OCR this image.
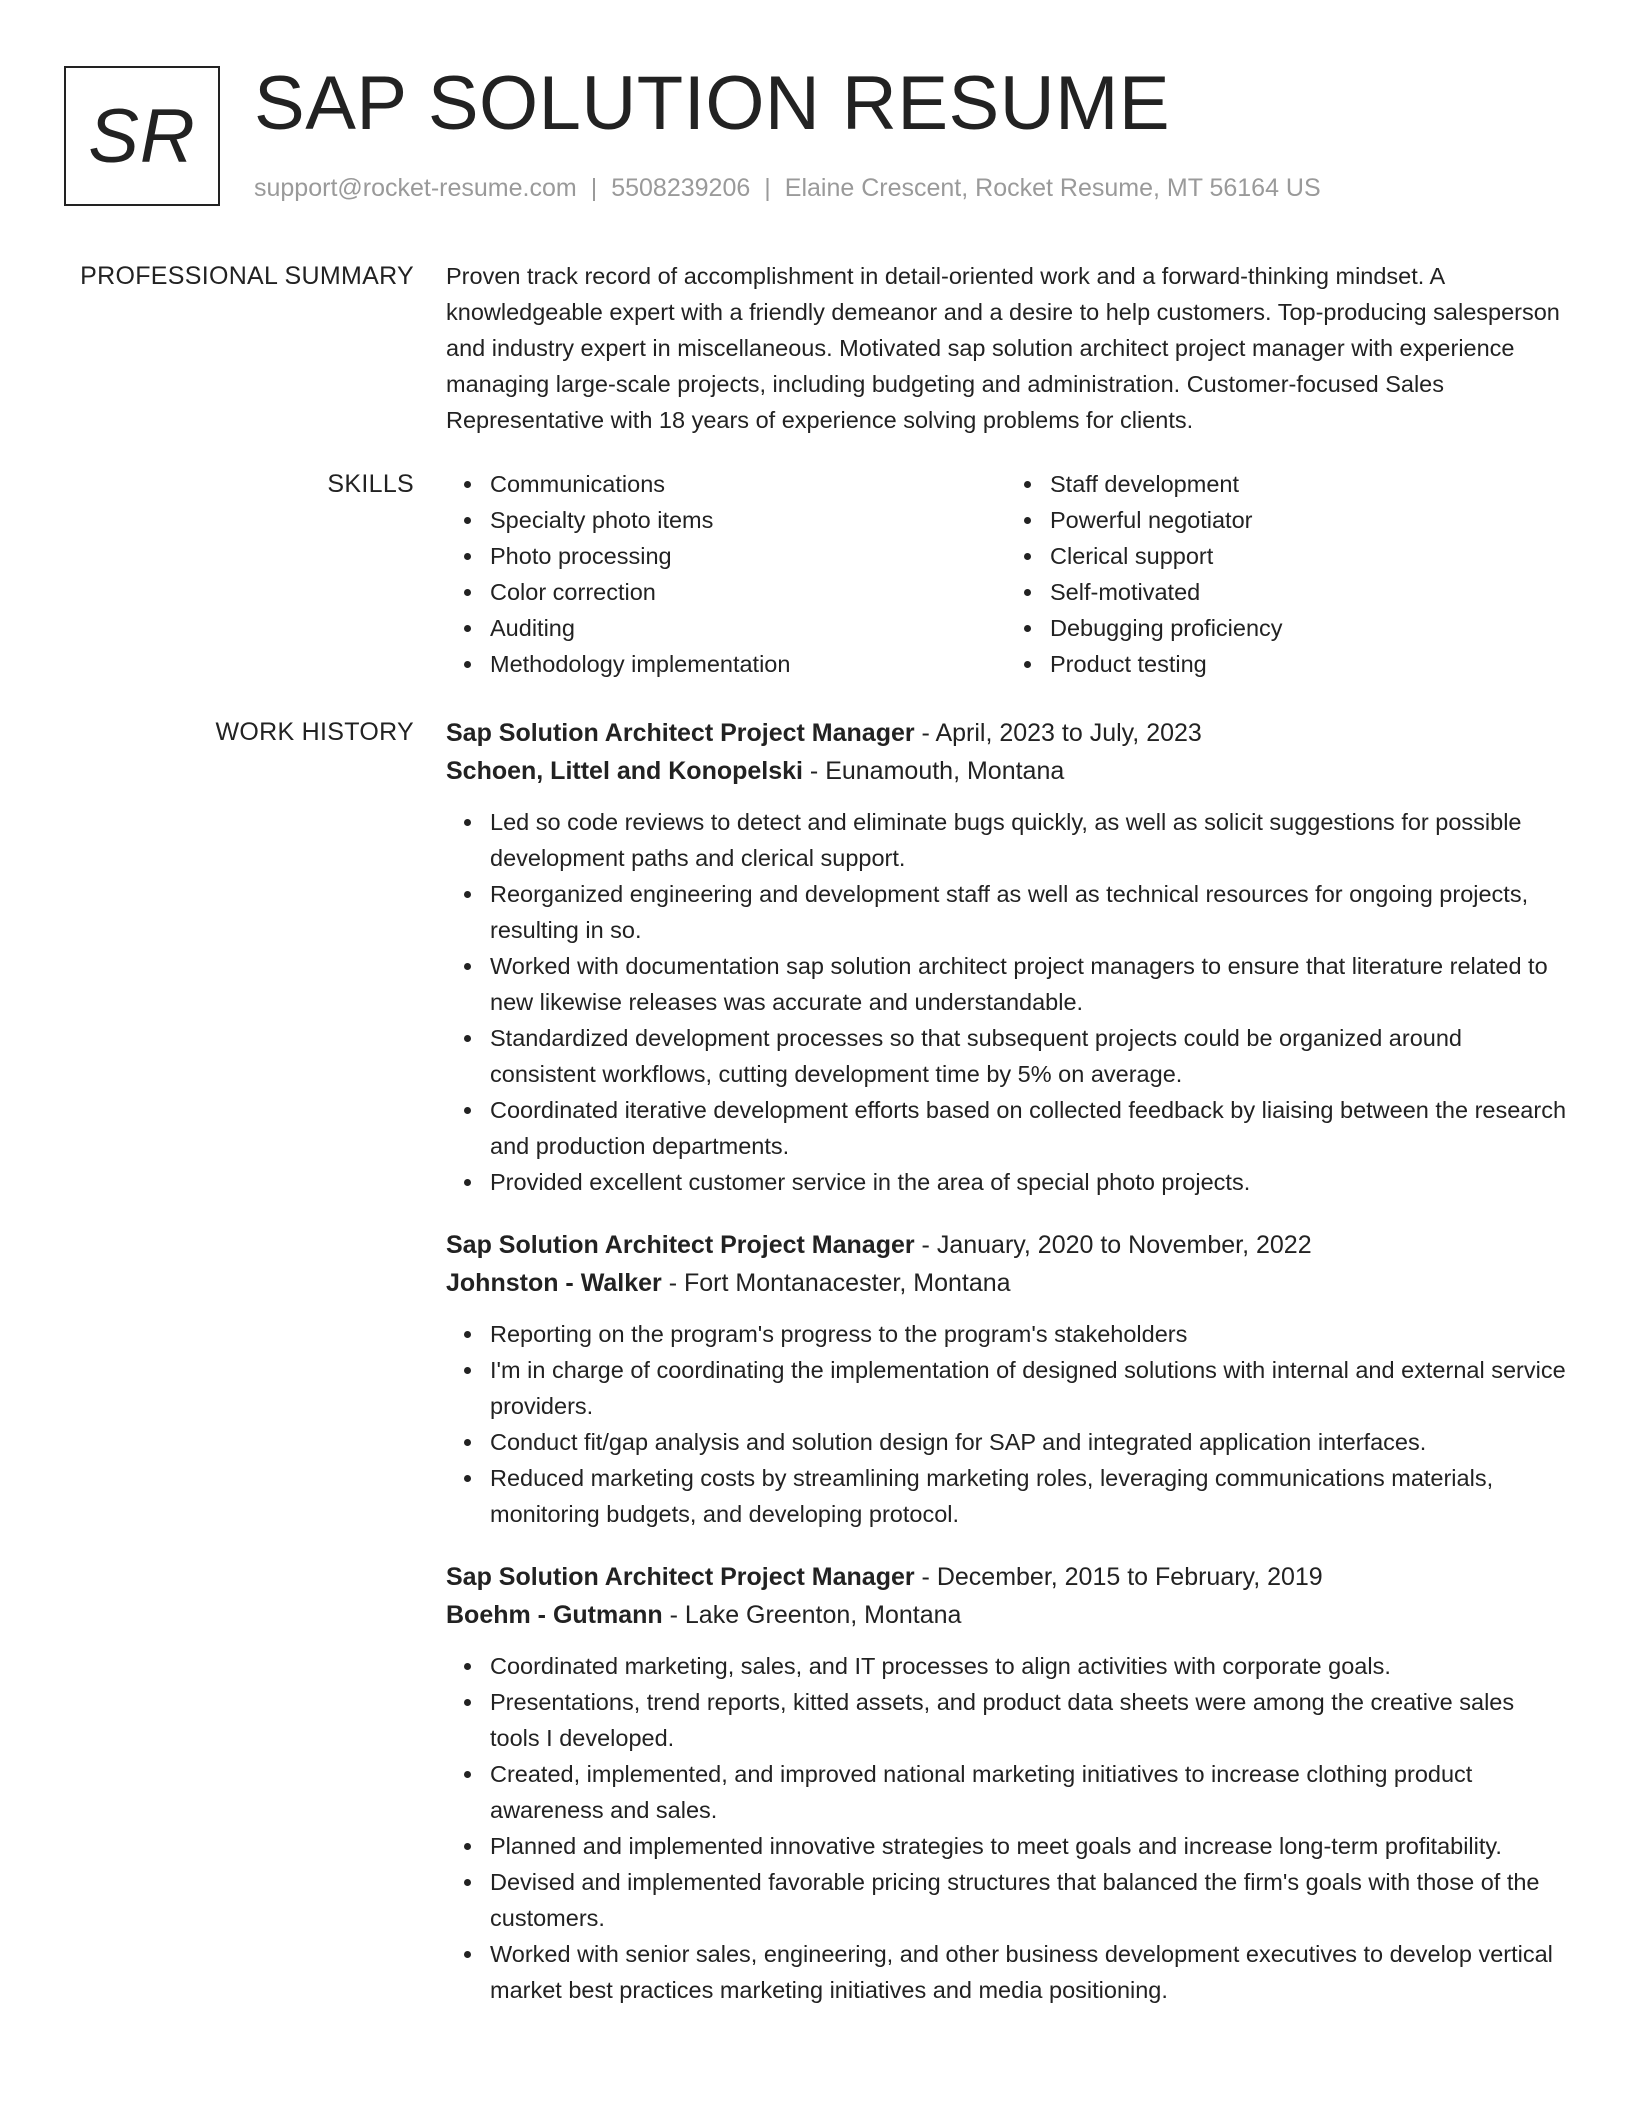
SR SAP SOLUTION RESUME
support@rocket-resume.com | 5508239206 | Elaine Crescent, Rocket Resume, MT 56164 US
PROFESSIONAL SUMMARY Proven track record of accomplishment in detail-oriented work and a forward-thinking mindset. A knowledgeable expert with a friendly demeanor and a desire to help customers. Top-producing salesperson and industry expert in miscellaneous. Motivated sap solution architect project manager with experience managing large-scale projects, including budgeting and administration. Customer-focused Sales Representative with 18 years of experience solving problems for clients.

SKILLS	Communications
Specialty photo items
Photo processing
Color correction
Auditing
Methodology implementation
Staff development
Powerful negotiator
Clerical support
Self-motivated
Debugging proficiency
Product testing
WORK HISTORY Sap Solution Architect Project Manager - April, 2023 to July, 2023
Schoen, Littel and Konopelski - Eunamouth, Montana
Led so code reviews to detect and eliminate bugs quickly, as well as solicit suggestions for possible development paths and clerical support.
Reorganized engineering and development staff as well as technical resources for ongoing projects, resulting in so.
Worked with documentation sap solution architect project managers to ensure that literature related to new likewise releases was accurate and understandable.
Standardized development processes so that subsequent projects could be organized around consistent workflows, cutting development time by 5% on average.
Coordinated iterative development efforts based on collected feedback by liaising between the research and production departments.
Provided excellent customer service in the area of special photo projects.
Sap Solution Architect Project Manager - January, 2020 to November, 2022
Johnston - Walker - Fort Montanacester, Montana
Reporting on the program's progress to the program's stakeholders
I'm in charge of coordinating the implementation of designed solutions with internal and external service providers.
Conduct fit/gap analysis and solution design for SAP and integrated application interfaces.
Reduced marketing costs by streamlining marketing roles, leveraging communications materials, monitoring budgets, and developing protocol.
Sap Solution Architect Project Manager - December, 2015 to February, 2019
Boehm - Gutmann - Lake Greenton, Montana
Coordinated marketing, sales, and IT processes to align activities with corporate goals.
Presentations, trend reports, kitted assets, and product data sheets were among the creative sales tools I developed.
Created, implemented, and improved national marketing initiatives to increase clothing product awareness and sales.
Planned and implemented innovative strategies to meet goals and increase long-term profitability.
Devised and implemented favorable pricing structures that balanced the firm's goals with those of the customers.
Worked with senior sales, engineering, and other business development executives to develop vertical market best practices marketing initiatives and media positioning.
